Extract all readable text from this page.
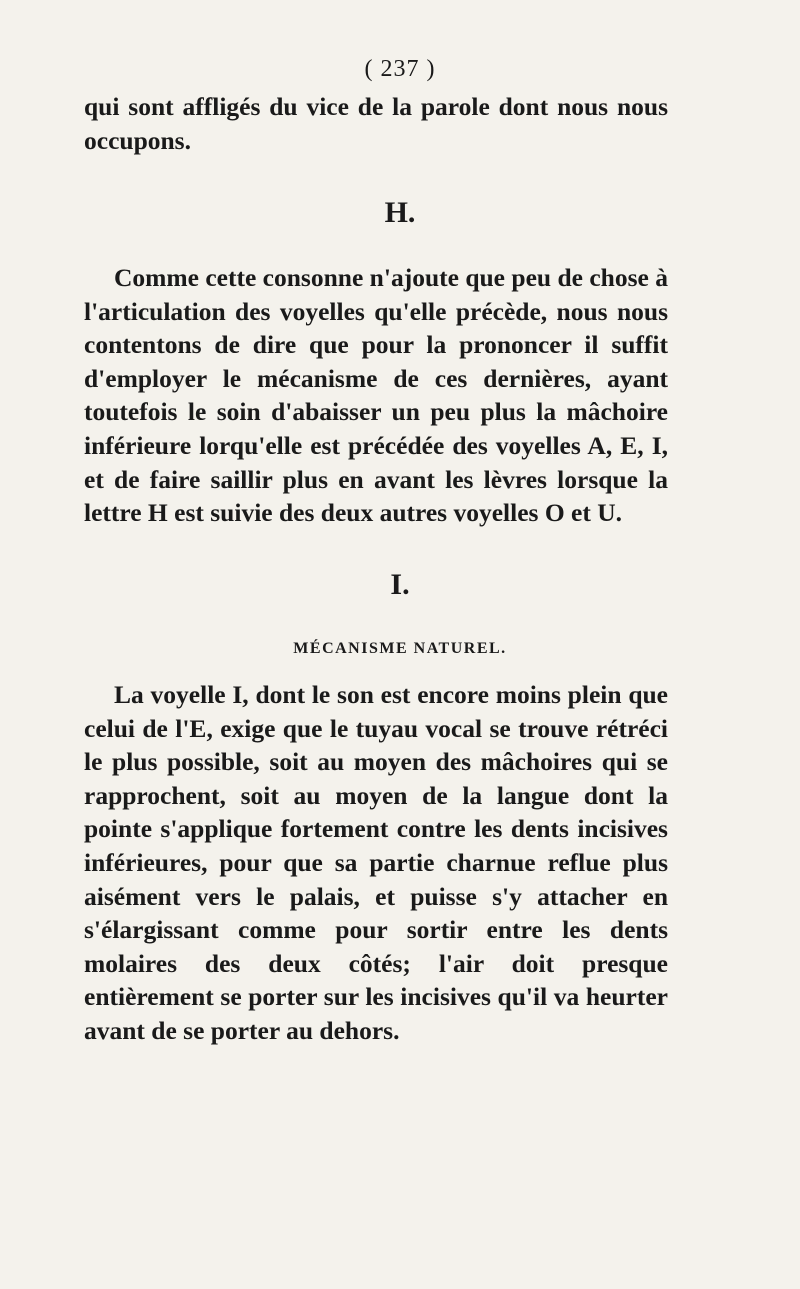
( 237 )

qui sont affligés du vice de la parole dont nous nous occupons.

H.

Comme cette consonne n'ajoute que peu de chose à l'articulation des voyelles qu'elle précède, nous nous contentons de dire que pour la prononcer il suffit d'employer le mécanisme de ces dernières, ayant toutefois le soin d'abaisser un peu plus la mâchoire inférieure lorqu'elle est précédée des voyelles A, E, I, et de faire saillir plus en avant les lèvres lorsque la lettre H est suivie des deux autres voyelles O et U.

I.
MÉCANISME NATUREL.

La voyelle I, dont le son est encore moins plein que celui de l'E, exige que le tuyau vocal se trouve rétréci le plus possible, soit au moyen des mâchoires qui se rapprochent, soit au moyen de la langue dont la pointe s'applique fortement contre les dents incisives inférieures, pour que sa partie charnue reflue plus aisément vers le palais, et puisse s'y attacher en s'élargissant comme pour sortir entre les dents molaires des deux côtés; l'air doit presque entièrement se porter sur les incisives qu'il va heurter avant de se porter au dehors.
